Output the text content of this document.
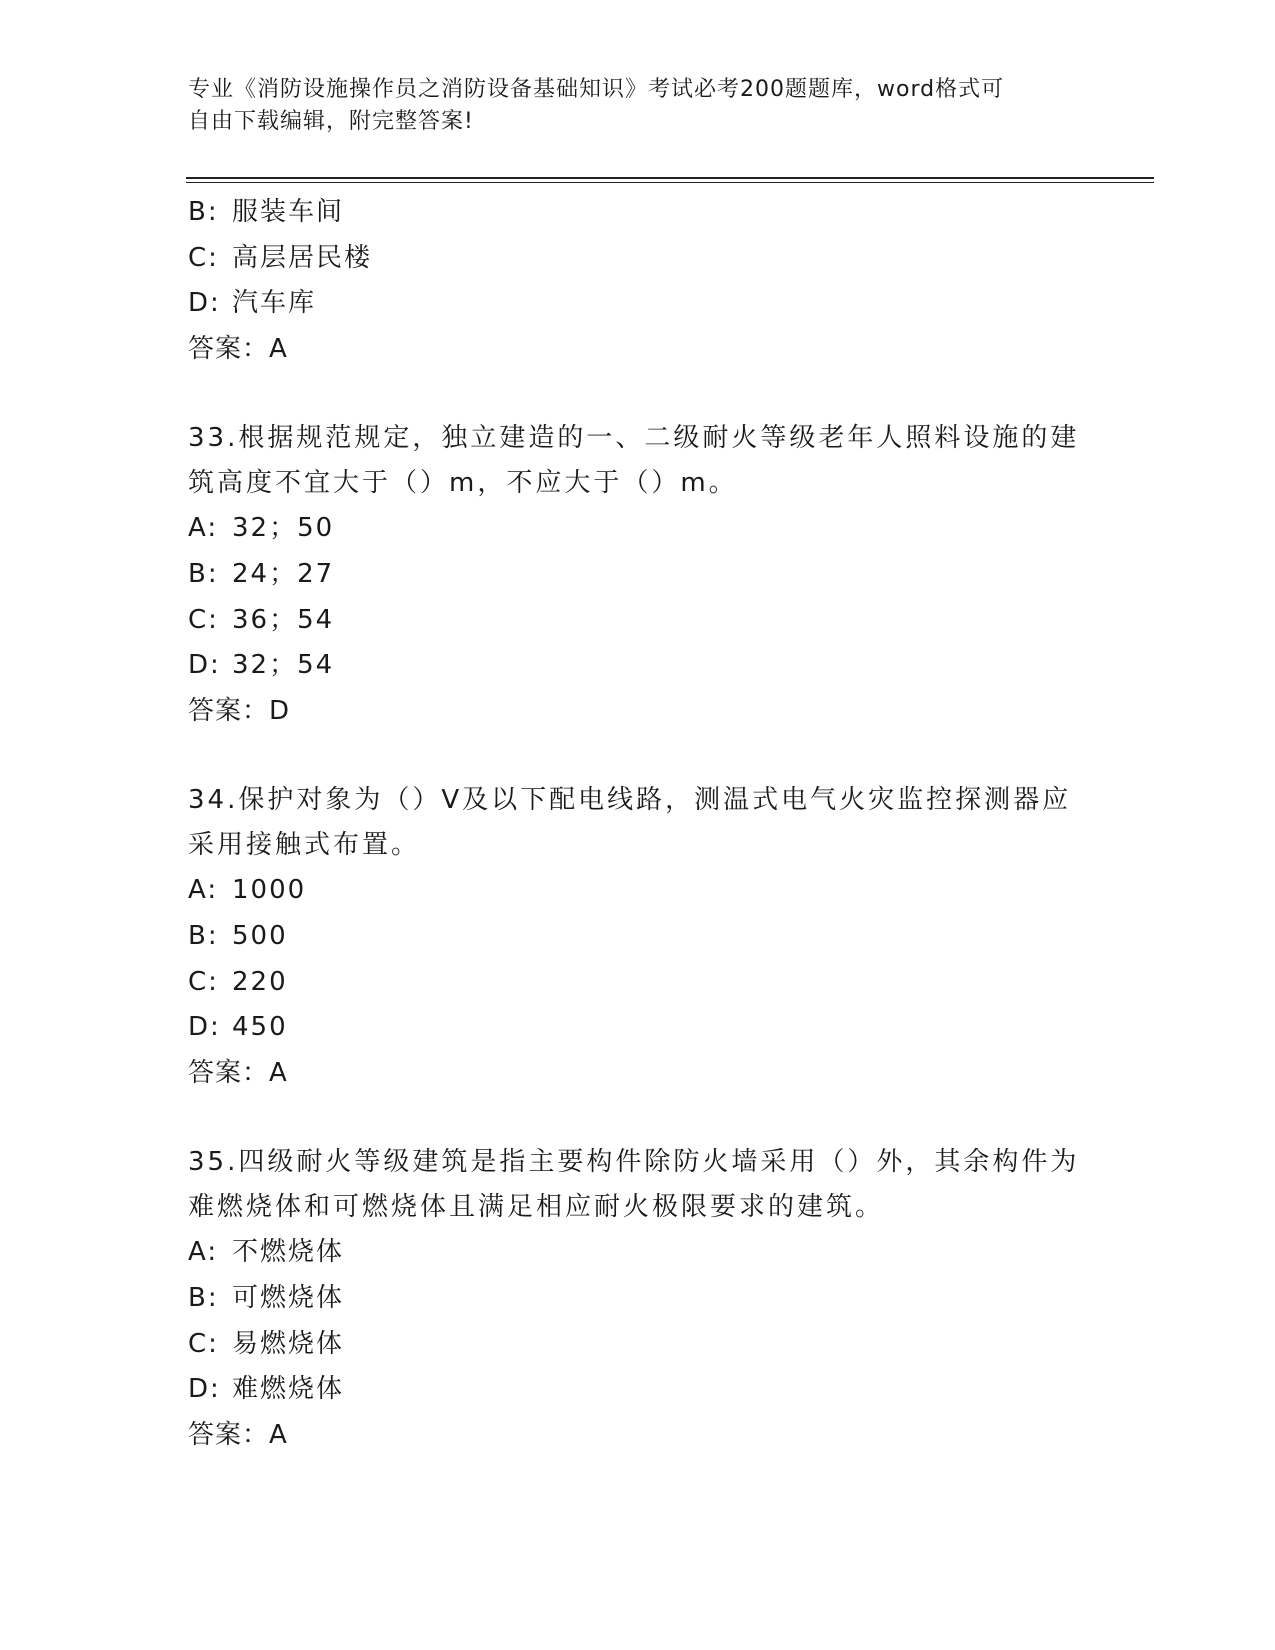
专业《消防设施操作员之消防设备基础知识》考试必考200题题库，word格式可
自由下载编辑，附完整答案!
B: 服装车间
C: 高层居民楼
D: 汽车库
答案：A

33.根据规范规定，独立建造的一、二级耐火等级老年人照料设施的建筑高度不宜大于（）m，不应大于（）m。

A: 32；50
B: 24；27
C: 36；54
D: 32；54
答案：D

34.保护对象为（）V及以下配电线路，测温式电气火灾监控探测器应采用接触式布置。

A: 1000
B: 500
C: 220
D: 450
答案：A

35.四级耐火等级建筑是指主要构件除防火墙采用（）外，其余构件为难燃烧体和可燃烧体且满足相应耐火极限要求的建筑。

A: 不燃烧体
B: 可燃烧体
C: 易燃烧体
D: 难燃烧体
答案：A
